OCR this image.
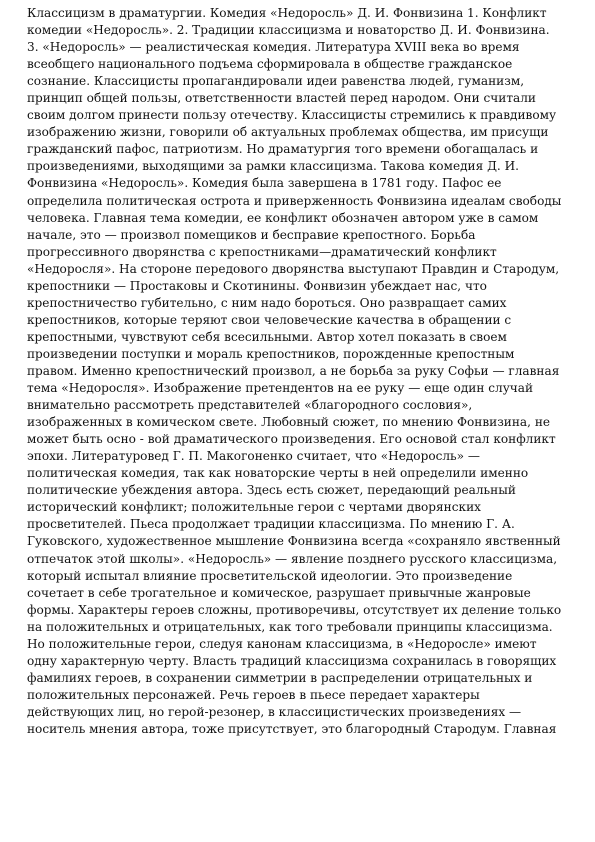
Классицизм в драматургии. Комедия «Недоросль» Д. И. Фонвизина 1. Конфликт
комедии «Недоросль». 2. Традиции классицизма и новаторство Д. И. Фонвизина.
3. «Недоросль» — реалистическая комедия. Литература XVIII века во время
всеобщего национального подъема сформировала в обществе гражданское
сознание. Классицисты пропагандировали идеи равенства людей, гуманизм,
принцип общей пользы, ответственности властей перед народом. Они считали
своим долгом принести пользу отечеству. Классицисты стремились к правдивому
изображению жизни, говорили об актуальных проблемах общества, им присущи
гражданский пафос, патриотизм. Но драматургия того времени обогащалась и
произведениями, выходящими за рамки классицизма. Такова комедия Д. И.
Фонвизина «Недоросль». Комедия была завершена в 1781 году. Пафос ее
определила политическая острота и приверженность Фонвизина идеалам свободы
человека. Главная тема комедии, ее конфликт обозначен автором уже в самом
начале, это — произвол помещиков и бесправие крепостного. Борьба
прогрессивного дворянства с крепостниками—драматический конфликт
«Недоросля». На стороне передового дворянства выступают Правдин и Стародум,
крепостники — Простаковы и Скотинины. Фонвизин убеждает нас, что
крепостничество губительно, с ним надо бороться. Оно развращает самих
крепостников, которые теряют свои человеческие качества в обращении с
крепостными, чувствуют себя всесильными. Автор хотел показать в своем
произведении поступки и мораль крепостников, порожденные крепостным
правом. Именно крепостнический произвол, а не борьба за руку Софьи — главная
тема «Недоросля». Изображение претендентов на ее руку — еще один случай
внимательно рассмотреть представителей «благородного сословия»,
изображенных в комическом свете. Любовный сюжет, по мнению Фонвизина, не
может быть осно - вой драматического произведения. Его основой стал конфликт
эпохи. Литературовед Г. П. Макогоненко считает, что «Недоросль» —
политическая комедия, так как новаторские черты в ней определили именно
политические убеждения автора. Здесь есть сюжет, передающий реальный
исторический конфликт; положительные герои с чертами дворянских
просветителей. Пьеса продолжает традиции классицизма. По мнению Г. А.
Гуковского, художественное мышление Фонвизина всегда «сохраняло явственный
отпечаток этой школы». «Недоросль» — явление позднего русского классицизма,
который испытал влияние просветительской идеологии. Это произведение
сочетает в себе трогательное и комическое, разрушает привычные жанровые
формы. Характеры героев сложны, противоречивы, отсутствует их деление только
на положительных и отрицательных, как того требовали принципы классицизма.
Но положительные герои, следуя канонам классицизма, в «Недоросле» имеют
одну характерную черту. Власть традиций классицизма сохранилась в говорящих
фамилиях героев, в сохранении симметрии в распределении отрицательных и
положительных персонажей. Речь героев в пьесе передает характеры
действующих лиц, но герой-резонер, в классицистических произведениях —
носитель мнения автора, тоже присутствует, это благородный Стародум. Главная
